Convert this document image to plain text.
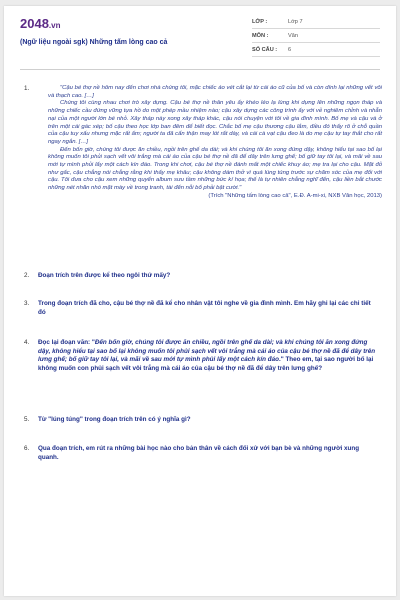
2048.vn
(Ngữ liệu ngoài sgk) Những tấm lòng cao cả
LỚP :	Lớp 7
MÔN :	Văn
SỐ CÂU :	6
1.	"Cậu bé thợ nề hôm nay đến chơi nhà chúng tôi, mặc chiếc áo vét cắt lại từ cái áo cũ của bố và còn dính lại những vết vôi và thạch cao. […]

Chúng tôi cùng nhau chơi trò xây dựng. Cậu bé thợ nề thân yêu ấy khéo léo lạ lùng khi dựng lên những ngọn tháp và những chiếc cầu đứng vững tựa hồ do một phép mầu nhiệm nào; cậu xây dựng các công trình ấy với vẻ nghiêm chỉnh và nhẫn nại của một người lớn bé nhỏ. Xây tháp này xong xây tháp khác, cậu nói chuyện với tôi về gia đình mình. Bố mẹ và cậu và ở trên một cái gác xép; bố cậu theo học lớp ban đêm để biết đọc. Chắc bố mẹ cậu thương cậu lắm, điều đó thấy rõ ở chỗ quần của cậu tuy xấu nhưng mặc rất ấm; người ta đã cẩn thận may lót rất dày, và cái cà vạt cậu đeo là do mẹ cậu tự tay thắt cho rất ngay ngắn. […]

Đến bốn giờ, chúng tôi được ăn chiều, ngồi trên ghế da dài; và khi chúng tôi ăn xong đứng dậy, không hiểu tại sao bố lại không muốn tôi phủi sạch vết vôi trắng mà cái áo của cậu bé thợ nề đã để dây trên lưng ghế; bố giữ tay tôi lại, và mãi về sau mới tự mình phủi lấy một cách kín đáo. Trong khi chơi, cậu bé thợ nề đánh mất một chiếc khuy áo; mẹ tra lại cho cậu. Mặt đỏ như gấc, cậu chẳng nói chẳng rằng khi thấy mẹ khâu; cậu không dám thở vì quá lúng túng trước sự chăm sóc của mẹ đối với cậu. Tôi đưa cho cậu xem những quyển album sưu tầm những bức kí họa; thế là tự nhiên chẳng nghĩ đến, cậu liền bắt chước những nét nhăn nhó mặt mày về trong tranh, tài đến nỗi bố phải bật cười."

(Trích "Những tấm lòng cao cả", E.Đ. A-mi-xi, NXB Văn học, 2013)

2. Đoạn trích trên được kể theo ngôi thứ mấy?
3. Trong đoạn trích đã cho, cậu bé thợ nề đã kể cho nhân vật tôi nghe về gia đình mình. Em hãy ghi lại các chi tiết đó
4. Đọc lại đoạn văn: "Đến bốn giờ, chúng tôi được ăn chiều, ngồi trên ghế da dài; và khi chúng tôi ăn xong đứng dậy, không hiểu tại sao bố lại không muốn tôi phủi sạch vết vôi trắng mà cái áo của cậu bé thợ nề đã để dây trên lưng ghế; bố giữ tay tôi lại, và mãi về sau mới tự mình phủi lấy một cách kín đáo." Theo em, tại sao người bố lại không muốn con phủi sạch vết vôi trắng mà cái áo của cậu bé thợ nề đã để dây trên lưng ghế?
5. Từ "lúng túng" trong đoạn trích trên có ý nghĩa gì?
6. Qua đoạn trích, em rút ra những bài học nào cho bản thân về cách đối xử với bạn bè và những người xung quanh.
